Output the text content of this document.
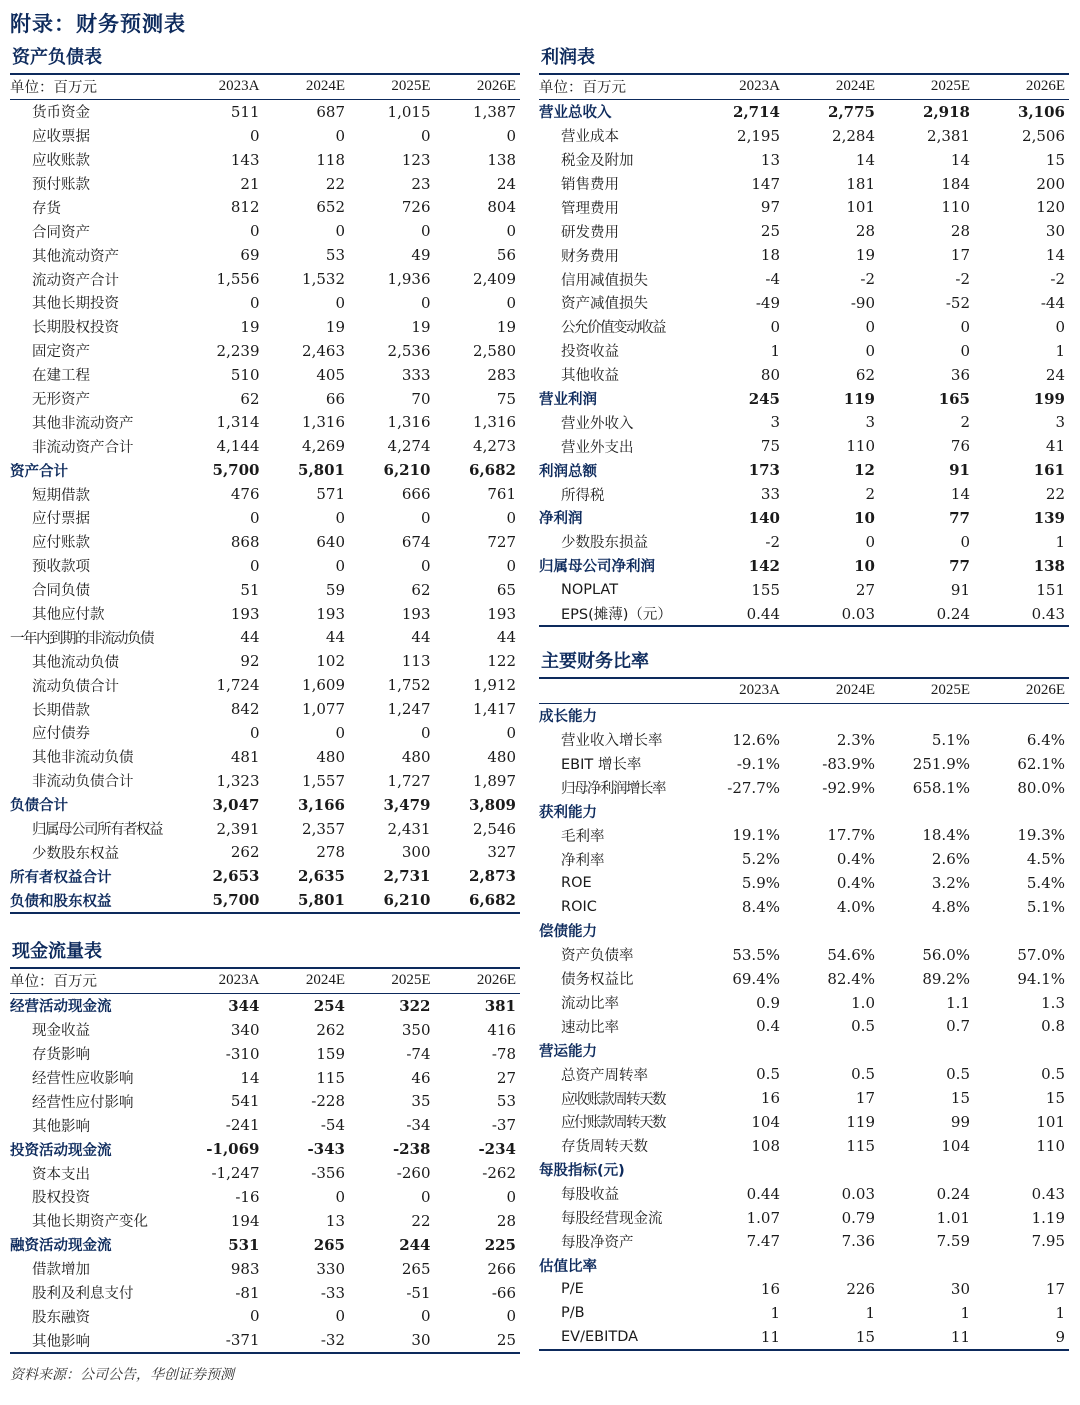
附录：财务预测表
资产负债表
单位：百万元	2023A	2024E	2025E	2026E
货币资金	511	687	1,015	1,387
应收票据	0	0	0	0
应收账款	143	118	123	138
预付账款	21	22	23	24
存货	812	652	726	804
合同资产	0	0	0	0
其他流动资产	69	53	49	56
流动资产合计	1,556	1,532	1,936	2,409
其他长期投资	0	0	0	0
长期股权投资	19	19	19	19
固定资产	2,239	2,463	2,536	2,580
在建工程	510	405	333	283
无形资产	62	66	70	75
其他非流动资产	1,314	1,316	1,316	1,316
非流动资产合计	4,144	4,269	4,274	4,273
资产合计	5,700	5,801	6,210	6,682
短期借款	476	571	666	761
应付票据	0	0	0	0
应付账款	868	640	674	727
预收款项	0	0	0	0
合同负债	51	59	62	65
其他应付款	193	193	193	193
一年内到期的非流动负债	44	44	44	44
其他流动负债	92	102	113	122
流动负债合计	1,724	1,609	1,752	1,912
长期借款	842	1,077	1,247	1,417
应付债券	0	0	0	0
其他非流动负债	481	480	480	480
非流动负债合计	1,323	1,557	1,727	1,897
负债合计	3,047	3,166	3,479	3,809
归属母公司所有者权益	2,391	2,357	2,431	2,546
少数股东权益	262	278	300	327
所有者权益合计	2,653	2,635	2,731	2,873
负债和股东权益	5,700	5,801	6,210	6,682
现金流量表
单位：百万元	2023A	2024E	2025E	2026E
经营活动现金流	344	254	322	381
现金收益	340	262	350	416
存货影响	-310	159	-74	-78
经营性应收影响	14	115	46	27
经营性应付影响	541	-228	35	53
其他影响	-241	-54	-34	-37
投资活动现金流	-1,069	-343	-238	-234
资本支出	-1,247	-356	-260	-262
股权投资	-16	0	0	0
其他长期资产变化	194	13	22	28
融资活动现金流	531	265	244	225
借款增加	983	330	265	266
股利及利息支付	-81	-33	-51	-66
股东融资	0	0	0	0
其他影响	-371	-32	30	25
利润表
单位：百万元	2023A	2024E	2025E	2026E
营业总收入	2,714	2,775	2,918	3,106
营业成本	2,195	2,284	2,381	2,506
税金及附加	13	14	14	15
销售费用	147	181	184	200
管理费用	97	101	110	120
研发费用	25	28	28	30
财务费用	18	19	17	14
信用减值损失	-4	-2	-2	-2
资产减值损失	-49	-90	-52	-44
公允价值变动收益	0	0	0	0
投资收益	1	0	0	1
其他收益	80	62	36	24
营业利润	245	119	165	199
营业外收入	3	3	2	3
营业外支出	75	110	76	41
利润总额	173	12	91	161
所得税	33	2	14	22
净利润	140	10	77	139
少数股东损益	-2	0	0	1
归属母公司净利润	142	10	77	138
NOPLAT	155	27	91	151
EPS(摊薄)（元）	0.44	0.03	0.24	0.43
主要财务比率
	2023A	2024E	2025E	2026E
成长能力				
营业收入增长率	12.6%	2.3%	5.1%	6.4%
EBIT 增长率	-9.1%	-83.9%	251.9%	62.1%
归母净利润增长率	-27.7%	-92.9%	658.1%	80.0%
获利能力				
毛利率	19.1%	17.7%	18.4%	19.3%
净利率	5.2%	0.4%	2.6%	4.5%
ROE	5.9%	0.4%	3.2%	5.4%
ROIC	8.4%	4.0%	4.8%	5.1%
偿债能力				
资产负债率	53.5%	54.6%	56.0%	57.0%
债务权益比	69.4%	82.4%	89.2%	94.1%
流动比率	0.9	1.0	1.1	1.3
速动比率	0.4	0.5	0.7	0.8
营运能力				
总资产周转率	0.5	0.5	0.5	0.5
应收账款周转天数	16	17	15	15
应付账款周转天数	104	119	99	101
存货周转天数	108	115	104	110
每股指标(元)				
每股收益	0.44	0.03	0.24	0.43
每股经营现金流	1.07	0.79	1.01	1.19
每股净资产	7.47	7.36	7.59	7.95
估值比率				
P/E	16	226	30	17
P/B	1	1	1	1
EV/EBITDA	11	15	11	9
资料来源：公司公告，华创证券预测
